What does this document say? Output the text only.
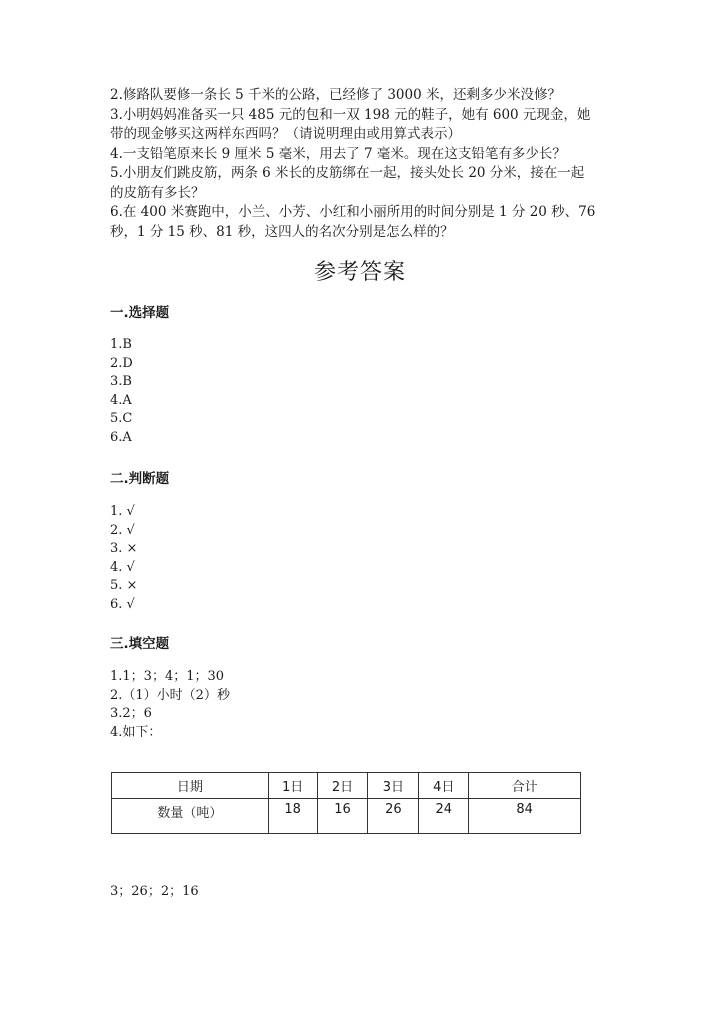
2.修路队要修一条长 5 千米的公路，已经修了 3000 米，还剩多少米没修？
3.小明妈妈准备买一只 485 元的包和一双 198 元的鞋子，她有 600 元现金，她
带的现金够买这两样东西吗？（请说明理由或用算式表示）
4.一支铅笔原来长 9 厘米 5 毫米，用去了 7 毫米。现在这支铅笔有多少长？
5.小朋友们跳皮筋，两条 6 米长的皮筋绑在一起，接头处长 20 分米，接在一起
的皮筋有多长？
6.在 400 米赛跑中，小兰、小芳、小红和小丽所用的时间分别是 1 分 20 秒、76
秒，1 分 15 秒、81 秒，这四人的名次分别是怎么样的？
参考答案
一.选择题
1.B
2.D
3.B
4.A
5.C
6.A
二.判断题
1. √
2. √
3. ×
4. √
5. ×
6. √
三.填空题
1.1；3；4；1；30
2.（1）小时（2）秒
3.2；6
4.如下：
日期	1日	2日	3日	4日	合计
数量（吨）	18	16	26	24	84
3；26；2；16
